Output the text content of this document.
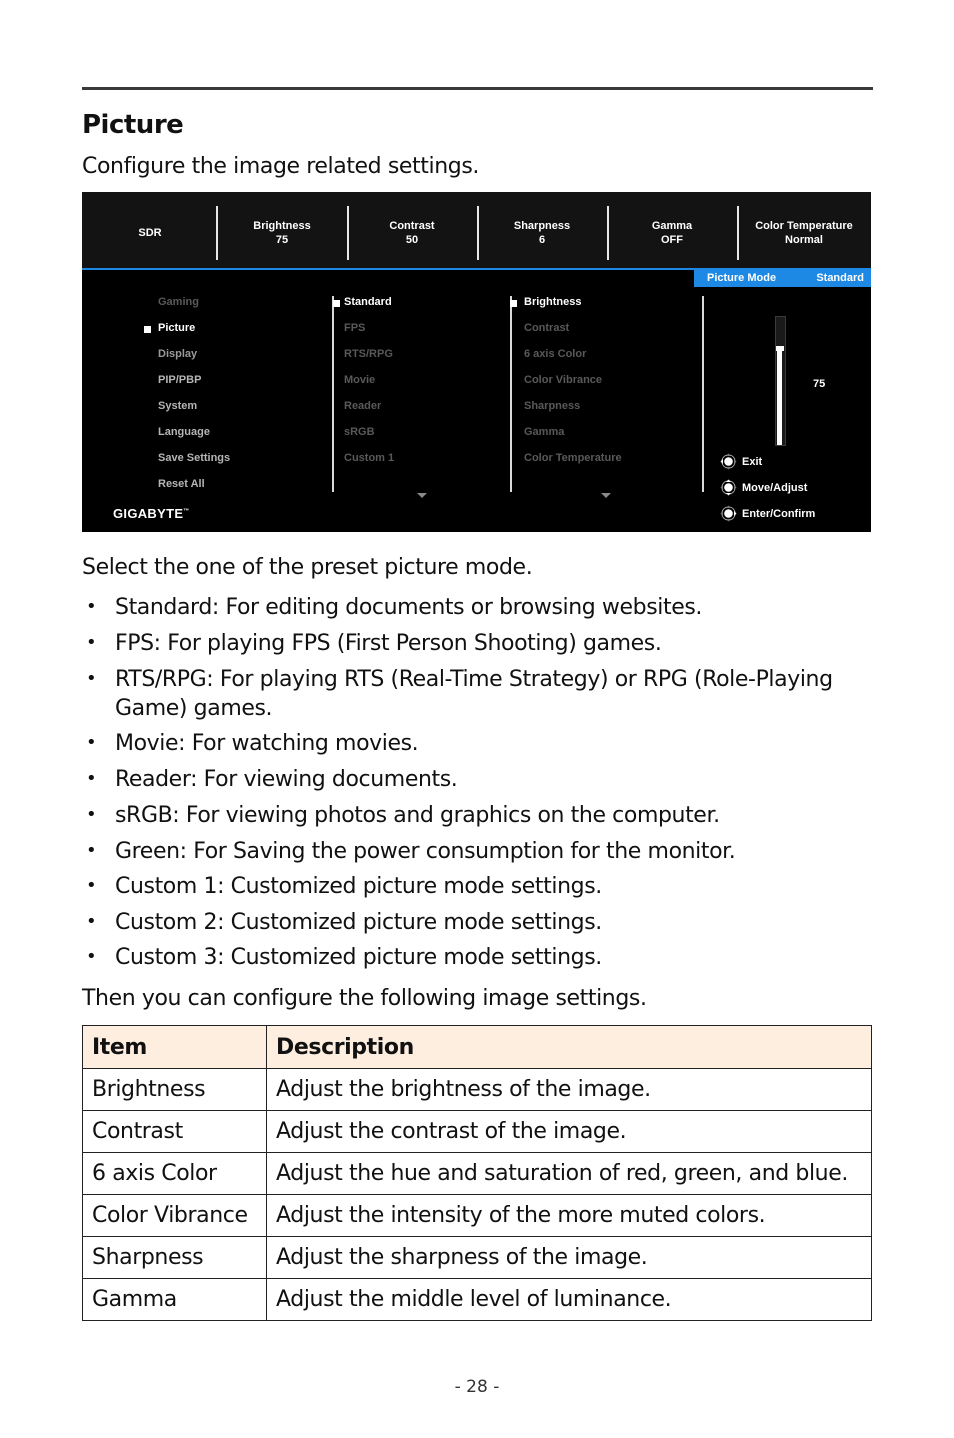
Picture
Configure the image related settings.
SDR
Brightness
75
Contrast
50
Sharpness
6
Gamma
OFF
Color Temperature
Normal
Picture Mode	Standard
Gaming
Picture
Display
PIP/PBP
System
Language
Save Settings
Reset All
Standard
FPS
RTS/RPG
Movie
Reader
sRGB
Custom 1
Brightness
Contrast
6 axis Color
Color Vibrance
Sharpness
Gamma
Color Temperature
75
Exit
Move/Adjust
Enter/Confirm
GIGABYTE™
Select the one of the preset picture mode.
• Standard: For editing documents or browsing websites.
• FPS: For playing FPS (First Person Shooting) games.
• RTS/RPG: For playing RTS (Real-Time Strategy) or RPG (Role-Playing Game) games.
• Movie: For watching movies.
• Reader: For viewing documents.
• sRGB: For viewing photos and graphics on the computer.
• Green: For Saving the power consumption for the monitor.
• Custom 1: Customized picture mode settings.
• Custom 2: Customized picture mode settings.
• Custom 3: Customized picture mode settings.
Then you can configure the following image settings.
Item	Description
Brightness	Adjust the brightness of the image.
Contrast	Adjust the contrast of the image.
6 axis Color	Adjust the hue and saturation of red, green, and blue.
Color Vibrance	Adjust the intensity of the more muted colors.
Sharpness	Adjust the sharpness of the image.
Gamma	Adjust the middle level of luminance.
- 28 -
